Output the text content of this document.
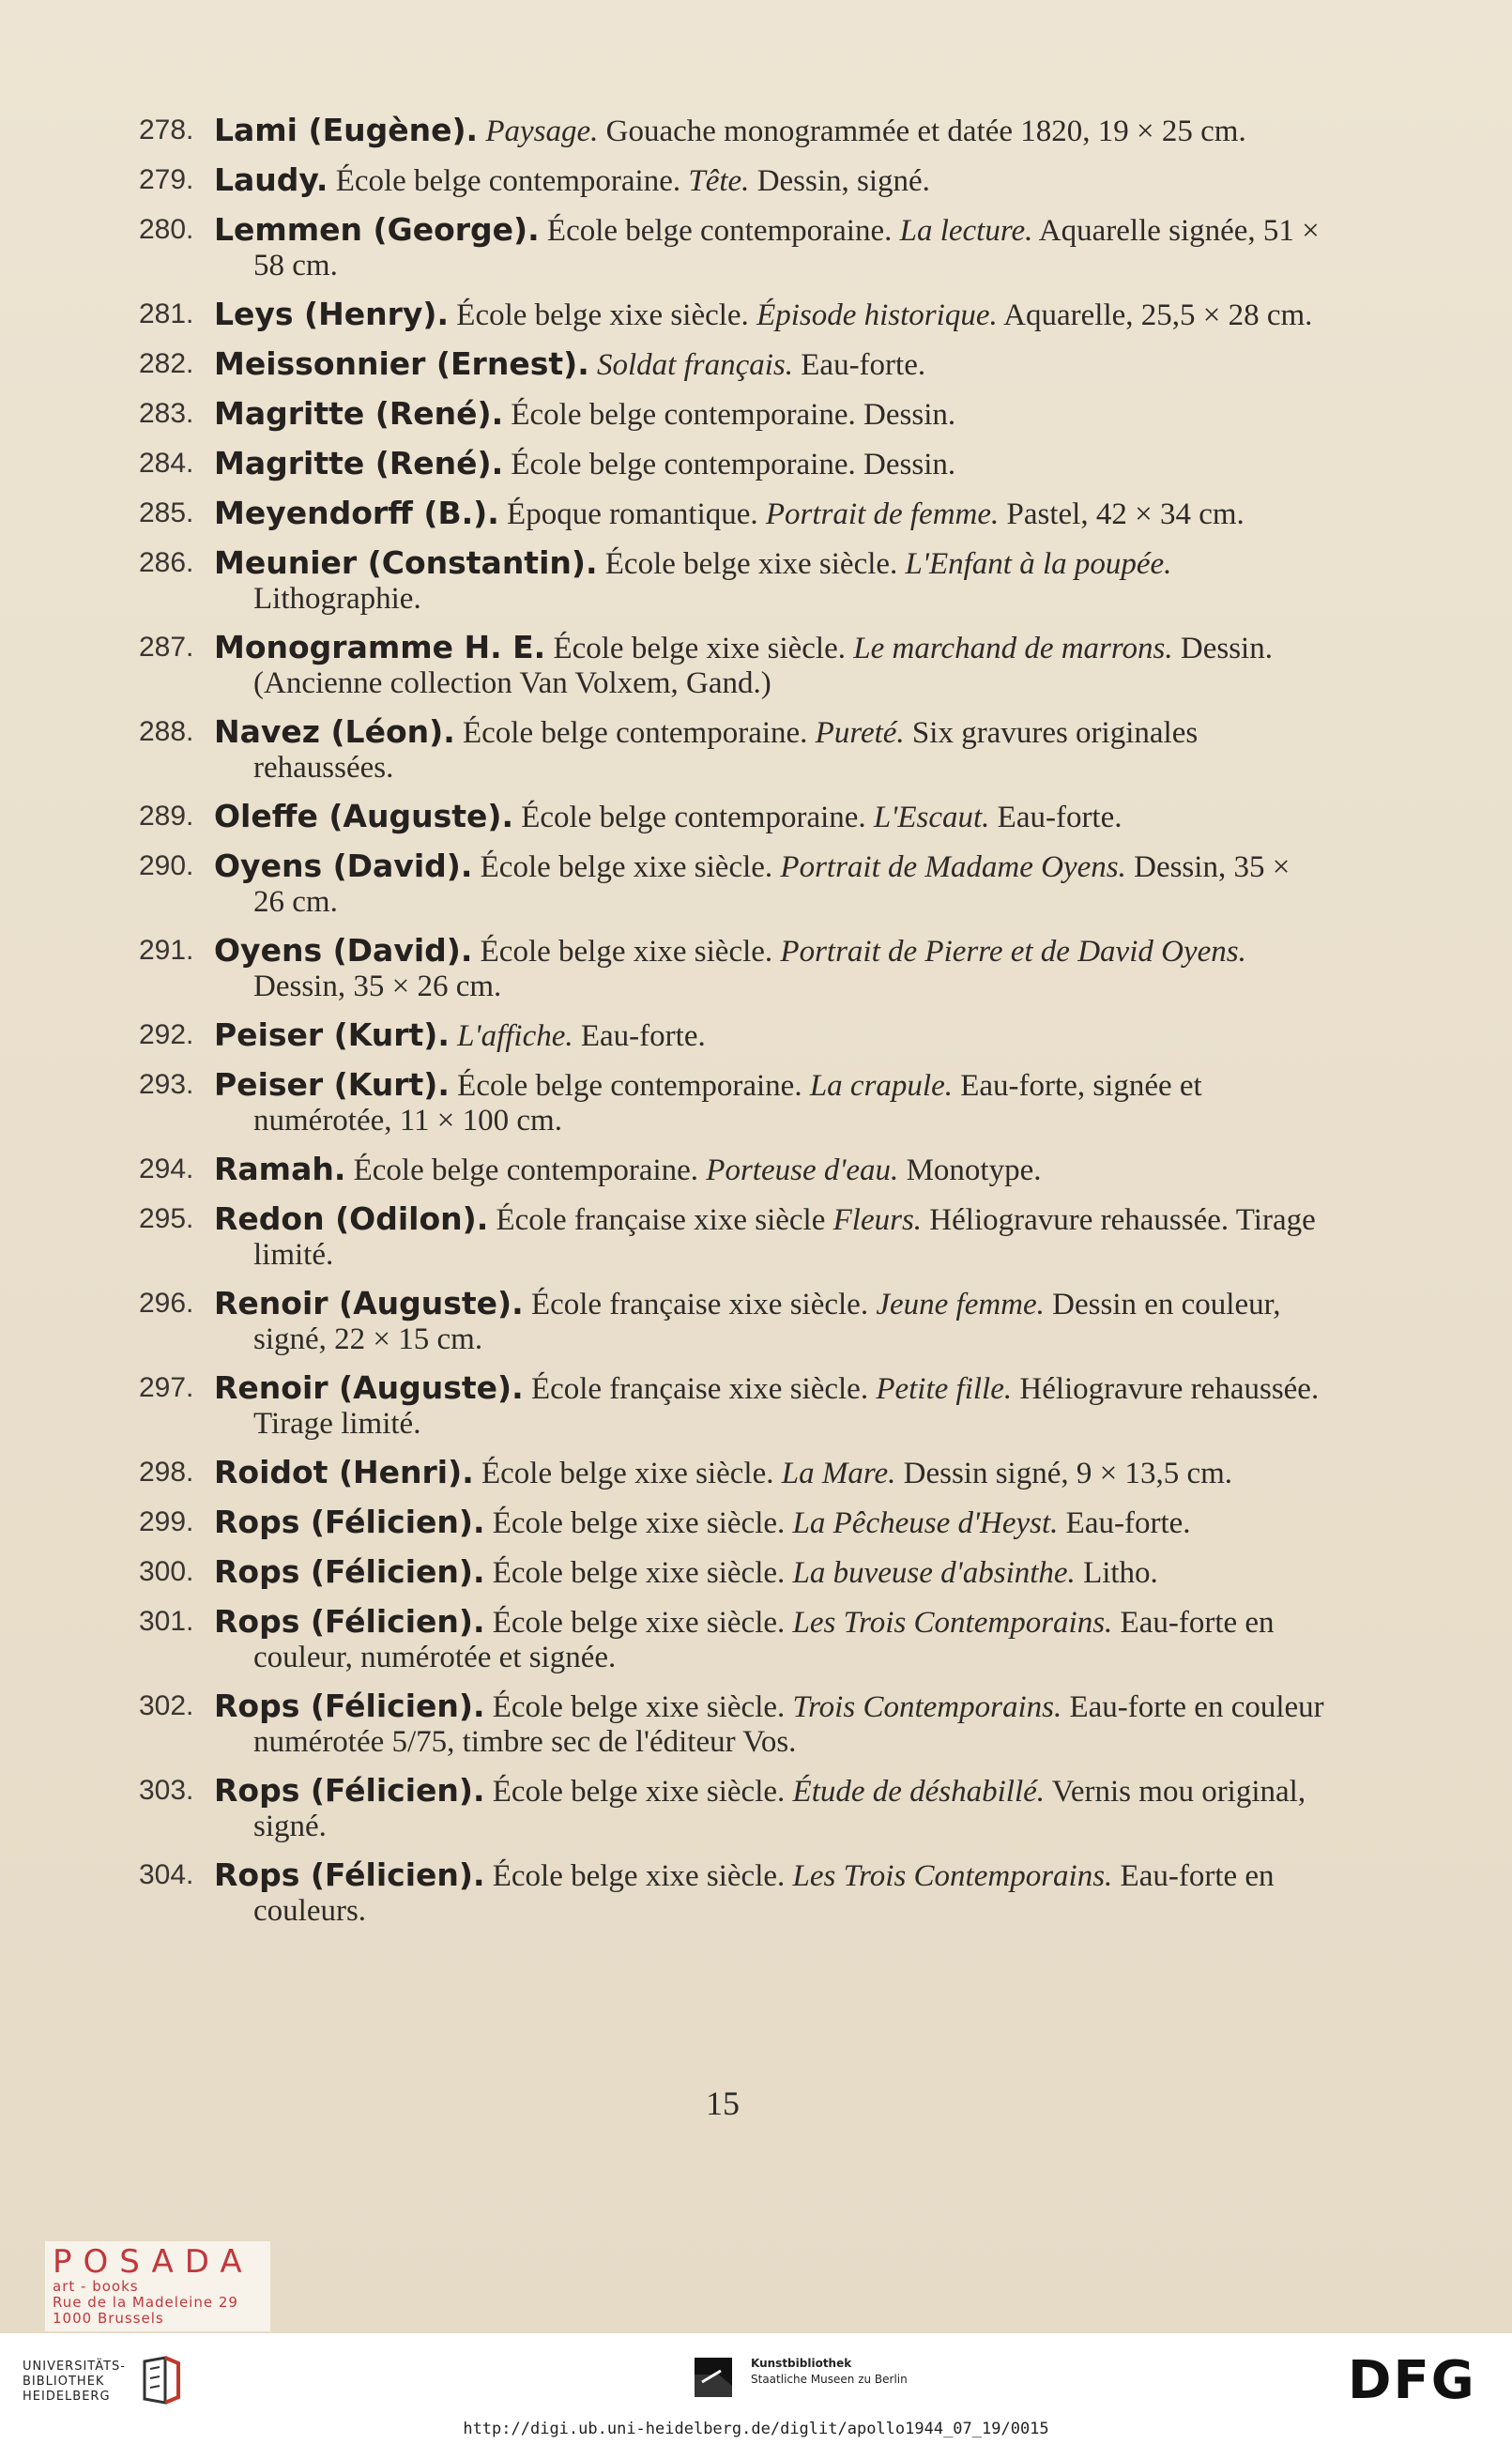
278. Lami (Eugène). Paysage. Gouache monogrammée et datée 1820, 19 × 25 cm.
279. Laudy. École belge contemporaine. Tête. Dessin, signé.
280. Lemmen (George). École belge contemporaine. La lecture. Aquarelle signée, 51 × 58 cm.
281. Leys (Henry). École belge xixe siècle. Épisode historique. Aquarelle, 25,5 × 28 cm.
282. Meissonnier (Ernest). Soldat français. Eau-forte.
283. Magritte (René). École belge contemporaine. Dessin.
284. Magritte (René). École belge contemporaine. Dessin.
285. Meyendorff (B.). Époque romantique. Portrait de femme. Pastel, 42 × 34 cm.
286. Meunier (Constantin). École belge xixe siècle. L'Enfant à la poupée. Lithographie.
287. Monogramme H. E. École belge xixe siècle. Le marchand de marrons. Dessin. (Ancienne collection Van Volxem, Gand.)
288. Navez (Léon). École belge contemporaine. Pureté. Six gravures originales rehaussées.
289. Oleffe (Auguste). École belge contemporaine. L'Escaut. Eau-forte.
290. Oyens (David). École belge xixe siècle. Portrait de Madame Oyens. Dessin, 35 × 26 cm.
291. Oyens (David). École belge xixe siècle. Portrait de Pierre et de David Oyens. Dessin, 35 × 26 cm.
292. Peiser (Kurt). L'affiche. Eau-forte.
293. Peiser (Kurt). École belge contemporaine. La crapule. Eau-forte, signée et numérotée, 11 × 100 cm.
294. Ramah. École belge contemporaine. Porteuse d'eau. Monotype.
295. Redon (Odilon). École française xixe siècle Fleurs. Héliogravure rehaussée. Tirage limité.
296. Renoir (Auguste). École française xixe siècle. Jeune femme. Dessin en couleur, signé, 22 × 15 cm.
297. Renoir (Auguste). École française xixe siècle. Petite fille. Héliogravure rehaussée. Tirage limité.
298. Roidot (Henri). École belge xixe siècle. La Mare. Dessin signé, 9 × 13,5 cm.
299. Rops (Félicien). École belge xixe siècle. La Pêcheuse d'Heyst. Eau-forte.
300. Rops (Félicien). École belge xixe siècle. La buveuse d'absinthe. Litho.
301. Rops (Félicien). École belge xixe siècle. Les Trois Contemporains. Eau-forte en couleur, numérotée et signée.
302. Rops (Félicien). École belge xixe siècle. Trois Contemporains. Eau-forte en couleur numérotée 5/75, timbre sec de l'éditeur Vos.
303. Rops (Félicien). École belge xixe siècle. Étude de déshabillé. Vernis mou original, signé.
304. Rops (Félicien). École belge xixe siècle. Les Trois Contemporains. Eau-forte en couleurs.
15
POSADA
art - books
Rue de la Madeleine 29
1000 Brussels
UNIVERSITÄTS-
BIBLIOTHEK
HEIDELBERG
Kunstbibliothek
Staatliche Museen zu Berlin	DFG
http://digi.ub.uni-heidelberg.de/diglit/apollo1944_07_19/0015
